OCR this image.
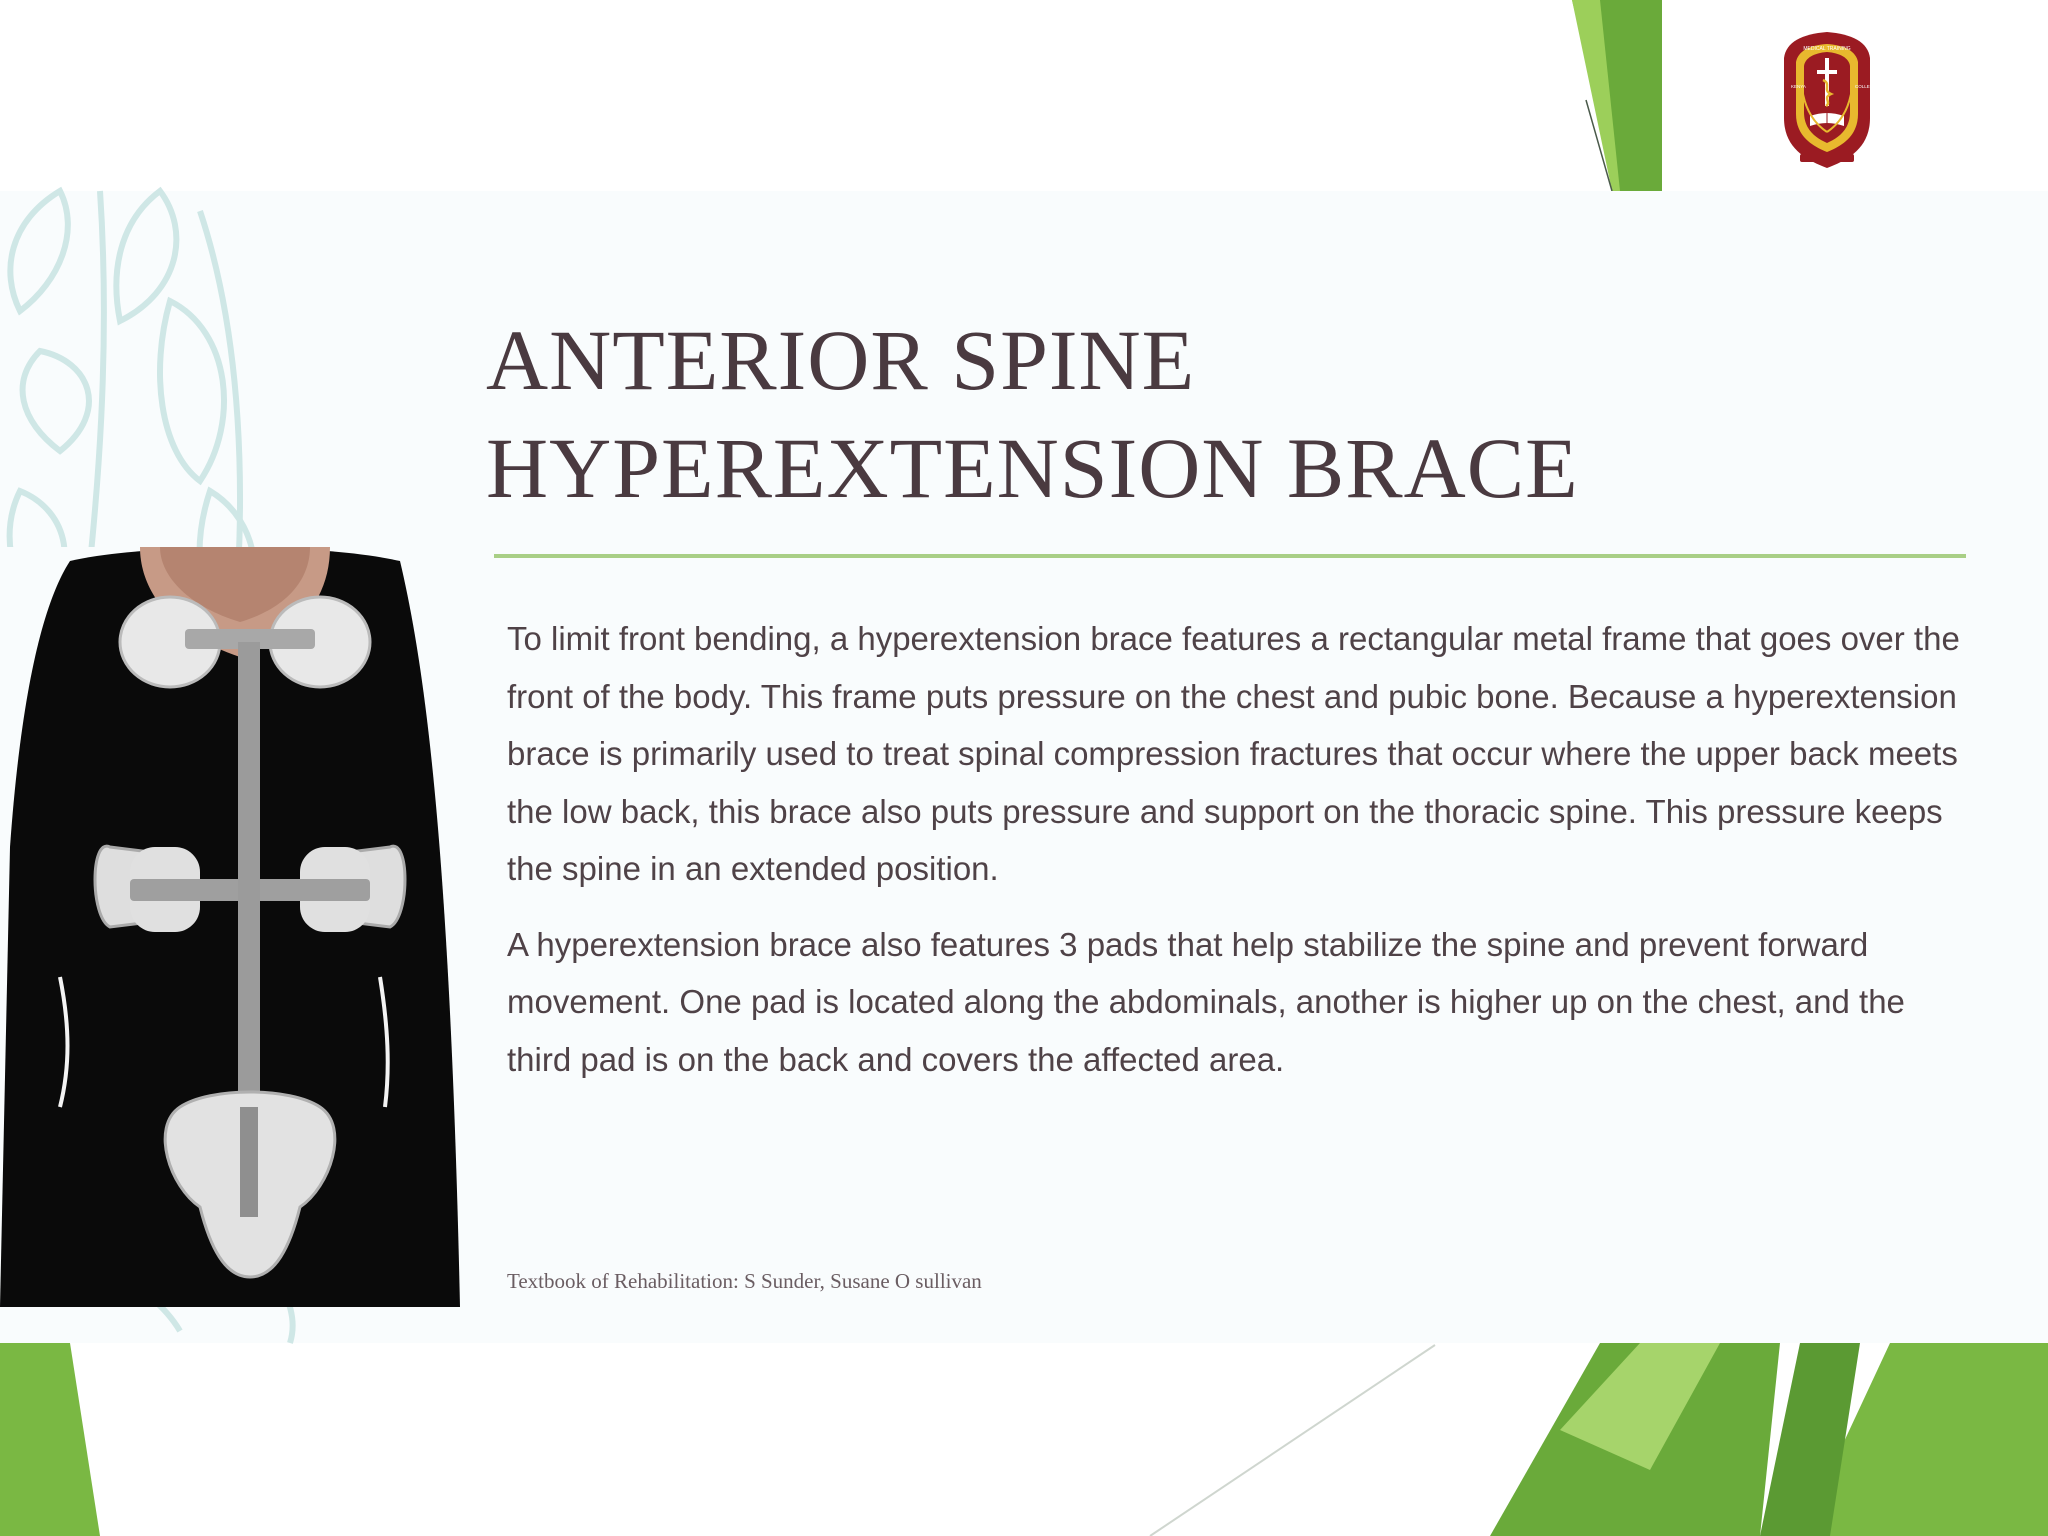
MEDICAL TRAINING
KENYA	COLLEGE
ANTERIOR SPINE
HYPEREXTENSION BRACE

To limit front bending, a hyperextension brace features a rectangular metal frame that goes over the front of the body. This frame puts pressure on the chest and pubic bone. Because a hyperextension brace is primarily used to treat spinal compression fractures that occur where the upper back meets the low back, this brace also puts pressure and support on the thoracic spine. This pressure keeps the spine in an extended position.

A hyperextension brace also features 3 pads that help stabilize the spine and prevent forward movement. One pad is located along the abdominals, another is higher up on the chest, and the third pad is on the back and covers the affected area.

Textbook of Rehabilitation: S Sunder, Susane O sullivan
